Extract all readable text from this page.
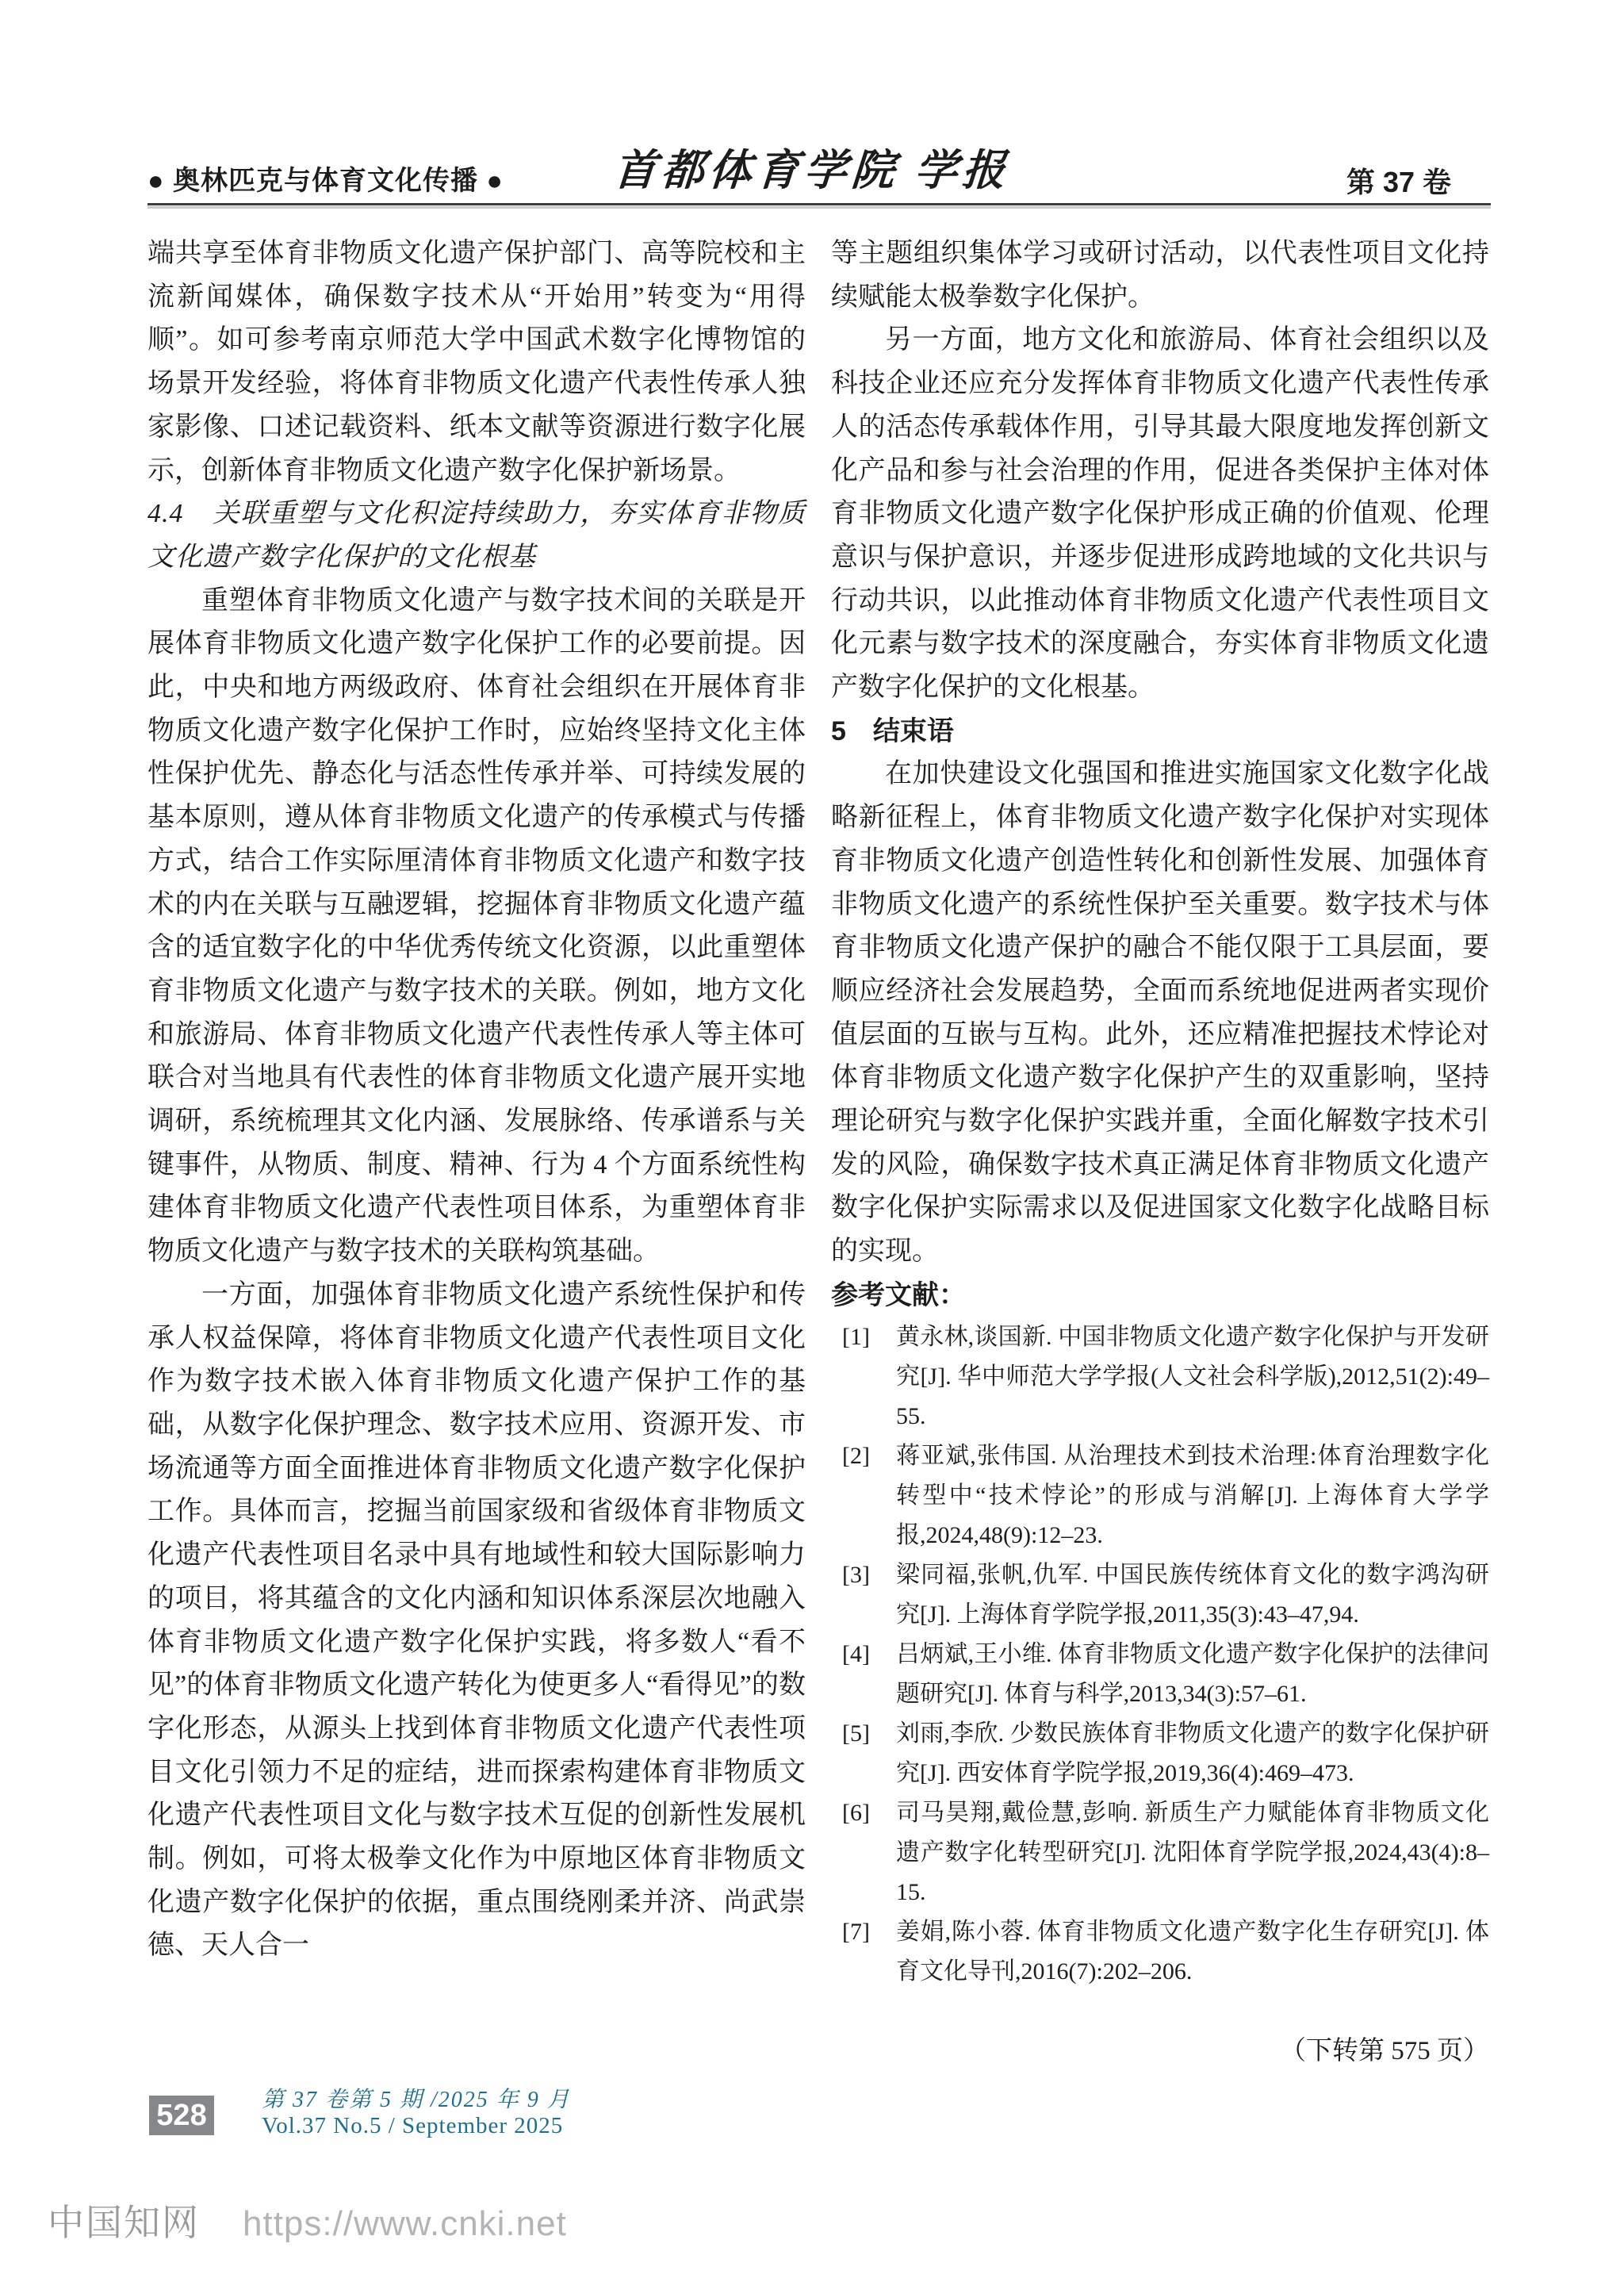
● 奥林匹克与体育文化传播 ●	首都体育学院 学报	第 37 卷

端共享至体育非物质文化遗产保护部门、高等院校和主流新闻媒体，确保数字技术从“开始用”转变为“用得顺”。如可参考南京师范大学中国武术数字化博物馆的场景开发经验，将体育非物质文化遗产代表性传承人独家影像、口述记载资料、纸本文献等资源进行数字化展示，创新体育非物质文化遗产数字化保护新场景。

4.4　关联重塑与文化积淀持续助力，夯实体育非物质文化遗产数字化保护的文化根基

重塑体育非物质文化遗产与数字技术间的关联是开展体育非物质文化遗产数字化保护工作的必要前提。因此，中央和地方两级政府、体育社会组织在开展体育非物质文化遗产数字化保护工作时，应始终坚持文化主体性保护优先、静态化与活态性传承并举、可持续发展的基本原则，遵从体育非物质文化遗产的传承模式与传播方式，结合工作实际厘清体育非物质文化遗产和数字技术的内在关联与互融逻辑，挖掘体育非物质文化遗产蕴含的适宜数字化的中华优秀传统文化资源，以此重塑体育非物质文化遗产与数字技术的关联。例如，地方文化和旅游局、体育非物质文化遗产代表性传承人等主体可联合对当地具有代表性的体育非物质文化遗产展开实地调研，系统梳理其文化内涵、发展脉络、传承谱系与关键事件，从物质、制度、精神、行为 4 个方面系统性构建体育非物质文化遗产代表性项目体系，为重塑体育非物质文化遗产与数字技术的关联构筑基础。

一方面，加强体育非物质文化遗产系统性保护和传承人权益保障，将体育非物质文化遗产代表性项目文化作为数字技术嵌入体育非物质文化遗产保护工作的基础，从数字化保护理念、数字技术应用、资源开发、市场流通等方面全面推进体育非物质文化遗产数字化保护工作。具体而言，挖掘当前国家级和省级体育非物质文化遗产代表性项目名录中具有地域性和较大国际影响力的项目，将其蕴含的文化内涵和知识体系深层次地融入体育非物质文化遗产数字化保护实践，将多数人“看不见”的体育非物质文化遗产转化为使更多人“看得见”的数字化形态，从源头上找到体育非物质文化遗产代表性项目文化引领力不足的症结，进而探索构建体育非物质文化遗产代表性项目文化与数字技术互促的创新性发展机制。例如，可将太极拳文化作为中原地区体育非物质文化遗产数字化保护的依据，重点围绕刚柔并济、尚武崇德、天人合一

等主题组织集体学习或研讨活动，以代表性项目文化持续赋能太极拳数字化保护。

另一方面，地方文化和旅游局、体育社会组织以及科技企业还应充分发挥体育非物质文化遗产代表性传承人的活态传承载体作用，引导其最大限度地发挥创新文化产品和参与社会治理的作用，促进各类保护主体对体育非物质文化遗产数字化保护形成正确的价值观、伦理意识与保护意识，并逐步促进形成跨地域的文化共识与行动共识，以此推动体育非物质文化遗产代表性项目文化元素与数字技术的深度融合，夯实体育非物质文化遗产数字化保护的文化根基。

5　结束语

在加快建设文化强国和推进实施国家文化数字化战略新征程上，体育非物质文化遗产数字化保护对实现体育非物质文化遗产创造性转化和创新性发展、加强体育非物质文化遗产的系统性保护至关重要。数字技术与体育非物质文化遗产保护的融合不能仅限于工具层面，要顺应经济社会发展趋势，全面而系统地促进两者实现价值层面的互嵌与互构。此外，还应精准把握技术悖论对体育非物质文化遗产数字化保护产生的双重影响，坚持理论研究与数字化保护实践并重，全面化解数字技术引发的风险，确保数字技术真正满足体育非物质文化遗产数字化保护实际需求以及促进国家文化数字化战略目标的实现。

参考文献：

[1] 黄永林,谈国新. 中国非物质文化遗产数字化保护与开发研究[J]. 华中师范大学学报(人文社会科学版),2012,51(2):49–55.
[2] 蒋亚斌,张伟国. 从治理技术到技术治理:体育治理数字化转型中“技术悖论”的形成与消解[J]. 上海体育大学学报,2024,48(9):12–23.
[3] 梁同福,张帆,仇军. 中国民族传统体育文化的数字鸿沟研究[J]. 上海体育学院学报,2011,35(3):43–47,94.
[4] 吕炳斌,王小维. 体育非物质文化遗产数字化保护的法律问题研究[J]. 体育与科学,2013,34(3):57–61.
[5] 刘雨,李欣. 少数民族体育非物质文化遗产的数字化保护研究[J]. 西安体育学院学报,2019,36(4):469–473.
[6] 司马昊翔,戴俭慧,彭响. 新质生产力赋能体育非物质文化遗产数字化转型研究[J]. 沈阳体育学院学报,2024,43(4):8–15.
[7] 姜娟,陈小蓉. 体育非物质文化遗产数字化生存研究[J]. 体育文化导刊,2016(7):202–206.
（下转第 575 页）
528 第 37 卷第 5 期 /2025 年 9 月
Vol.37 No.5 / September 2025
中国知网 https://www.cnki.net
